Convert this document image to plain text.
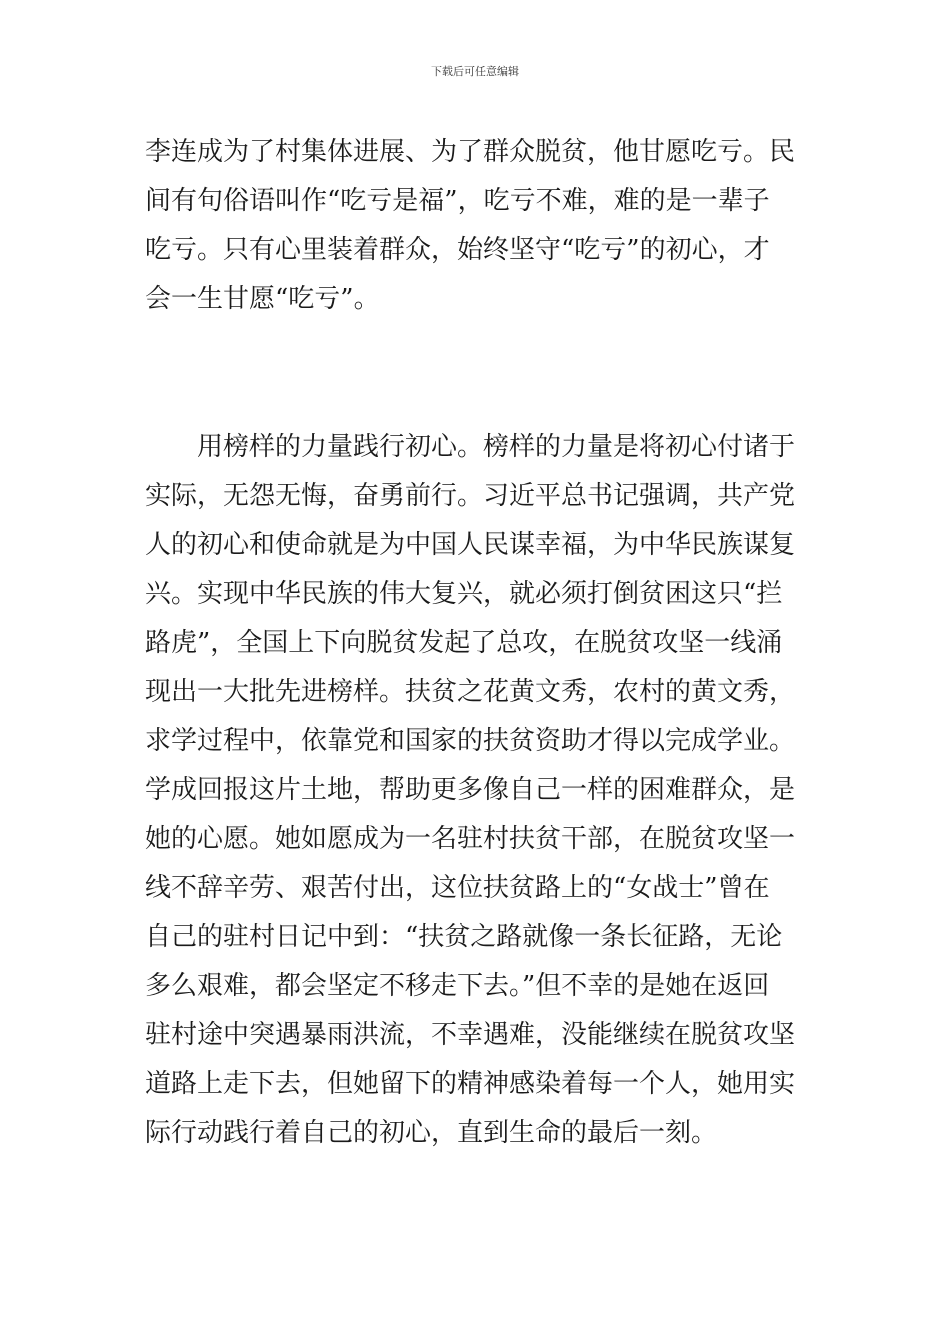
下载后可任意编辑
李连成为了村集体进展、为了群众脱贫，他甘愿吃亏。民
间有句俗语叫作“吃亏是福”，吃亏不难，难的是一辈子
吃亏。只有心里装着群众，始终坚守“吃亏”的初心，才
会一生甘愿“吃亏”。
用榜样的力量践行初心。榜样的力量是将初心付诸于
实际，无怨无悔，奋勇前行。习近平总书记强调，共产党
人的初心和使命就是为中国人民谋幸福，为中华民族谋复
兴。实现中华民族的伟大复兴，就必须打倒贫困这只“拦
路虎”，全国上下向脱贫发起了总攻，在脱贫攻坚一线涌
现出一大批先进榜样。扶贫之花黄文秀，农村的黄文秀，
求学过程中，依靠党和国家的扶贫资助才得以完成学业。
学成回报这片土地，帮助更多像自己一样的困难群众，是
她的心愿。她如愿成为一名驻村扶贫干部，在脱贫攻坚一
线不辞辛劳、艰苦付出，这位扶贫路上的“女战士”曾在
自己的驻村日记中到：“扶贫之路就像一条长征路，无论
多么艰难，都会坚定不移走下去。”但不幸的是她在返回
驻村途中突遇暴雨洪流，不幸遇难，没能继续在脱贫攻坚
道路上走下去，但她留下的精神感染着每一个人，她用实
际行动践行着自己的初心，直到生命的最后一刻。
